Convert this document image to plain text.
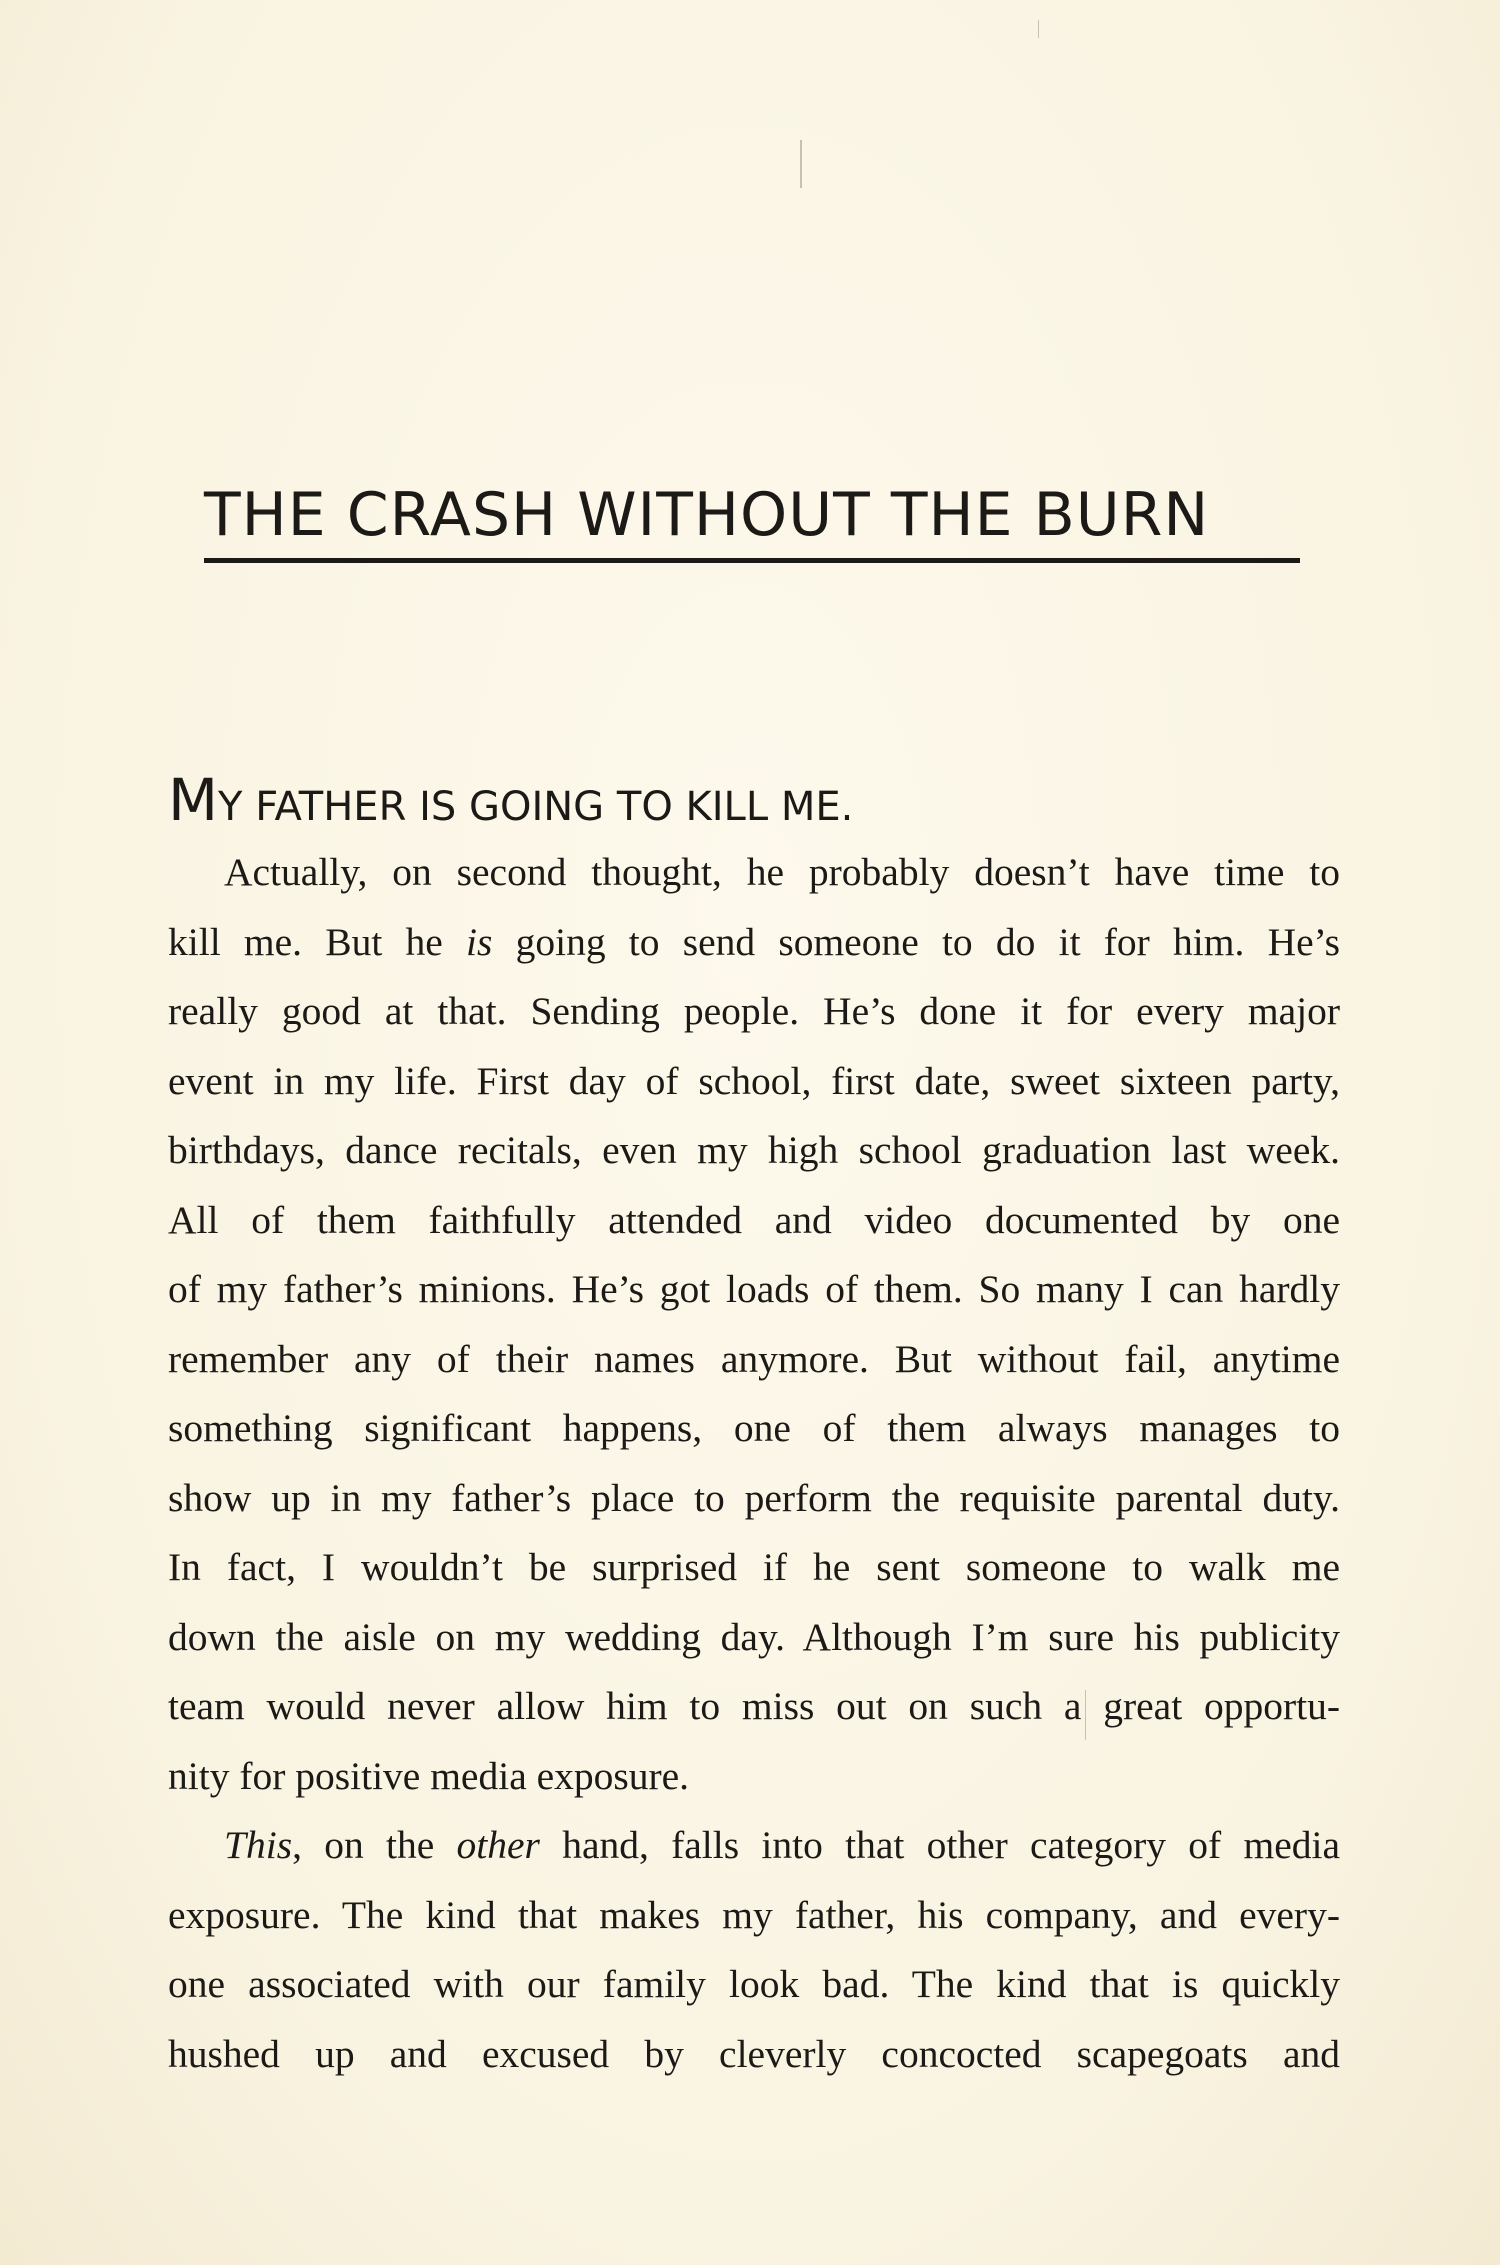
THE CRASH WITHOUT THE BURN

MY FATHER IS GOING TO KILL ME.

Actually, on second thought, he probably doesn’t have time to
kill me. But he is going to send someone to do it for him. He’s
really good at that. Sending people. He’s done it for every major
event in my life. First day of school, first date, sweet sixteen party,
birthdays, dance recitals, even my high school graduation last week.
All of them faithfully attended and video documented by one
of my father’s minions. He’s got loads of them. So many I can hardly
remember any of their names anymore. But without fail, anytime
something significant happens, one of them always manages to
show up in my father’s place to perform the requisite parental duty.
In fact, I wouldn’t be surprised if he sent someone to walk me
down the aisle on my wedding day. Although I’m sure his publicity
team would never allow him to miss out on such a great opportu-
nity for positive media exposure.
This, on the other hand, falls into that other category of media
exposure. The kind that makes my father, his company, and every-
one associated with our family look bad. The kind that is quickly
hushed up and excused by cleverly concocted scapegoats and
